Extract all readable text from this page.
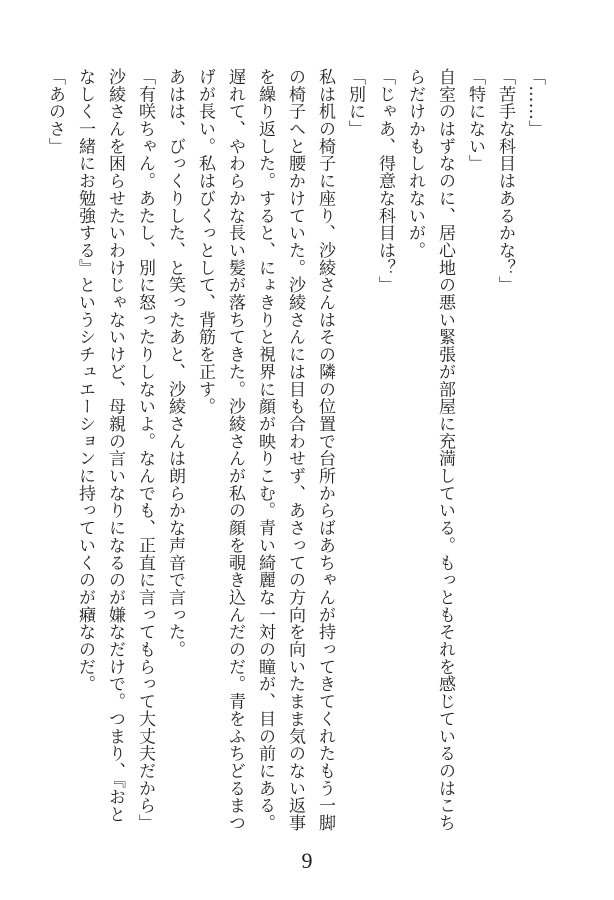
「……」

「苦手な科目はあるかな？」

「特にない」

自室のはずなのに、居心地の悪い緊張が部屋に充満している。もっともそれを感じているのはこちらだけかもしれないが。

「じゃあ、得意な科目は？」

「別に」

私は机の椅子に座り、沙綾さんはその隣の位置で台所からばあちゃんが持ってきてくれたもう一脚の椅子へと腰かけていた。沙綾さんには目も合わせず、あさっての方向を向いたまま気のない返事を繰り返した。すると、にょきりと視界に顔が映りこむ。青い綺麗な一対の瞳が、目の前にある。遅れて、やわらかな長い髪が落ちてきた。沙綾さんが私の顔を覗き込んだのだ。青をふちどるまつげが長い。私はびくっとして、背筋を正す。

あはは、びっくりした、と笑ったあと、沙綾さんは朗らかな声音で言った。

「有咲ちゃん。あたし、別に怒ったりしないよ。なんでも、正直に言ってもらって大丈夫だから」

沙綾さんを困らせたいわけじゃないけど、母親の言いなりになるのが嫌なだけで。つまり、『おとなしく一緒にお勉強する』というシチュエーションに持っていくのが癪なのだ。

「あのさ」

9
